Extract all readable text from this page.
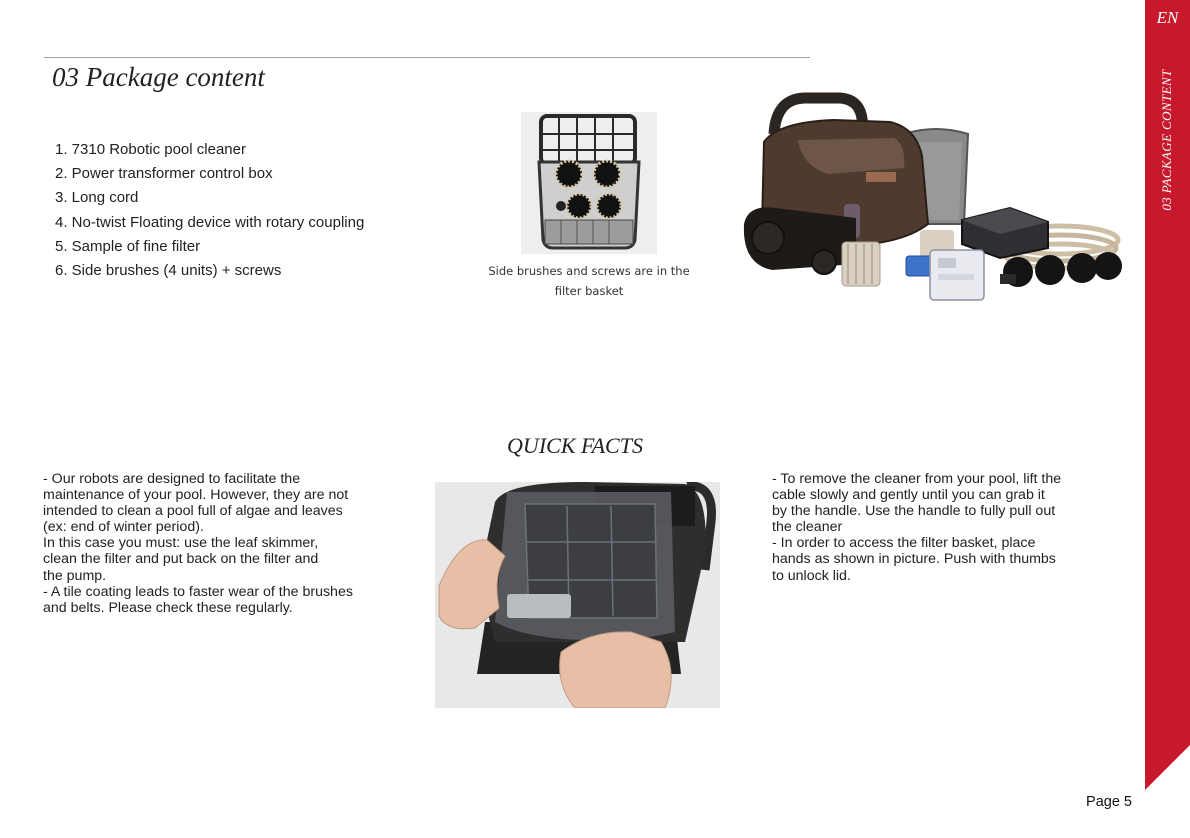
03 Package content
1. 7310 Robotic pool cleaner
2. Power transformer control box
3. Long cord
4. No-twist Floating device with rotary coupling
5. Sample of fine filter
6. Side brushes (4 units) + screws	Side brushes and screws are in the
filter basket
QUICK FACTS
- Our robots are designed to facilitate the
maintenance of your pool. However, they are not
intended to clean a pool full of algae and leaves
(ex: end of winter period).
In this case you must: use the leaf skimmer,
clean the filter and put back on the filter and
the pump.
- A tile coating leads to faster wear of the brushes
and belts. Please check these regularly.
- To remove the cleaner from your pool, lift the
cable slowly and gently until you can grab it
by the handle. Use the handle to fully pull out
the cleaner
- In order to access the filter basket, place
hands as shown in picture. Push with thumbs
to unlock lid.
EN
03 PACKAGE CONTENT
Page 5
